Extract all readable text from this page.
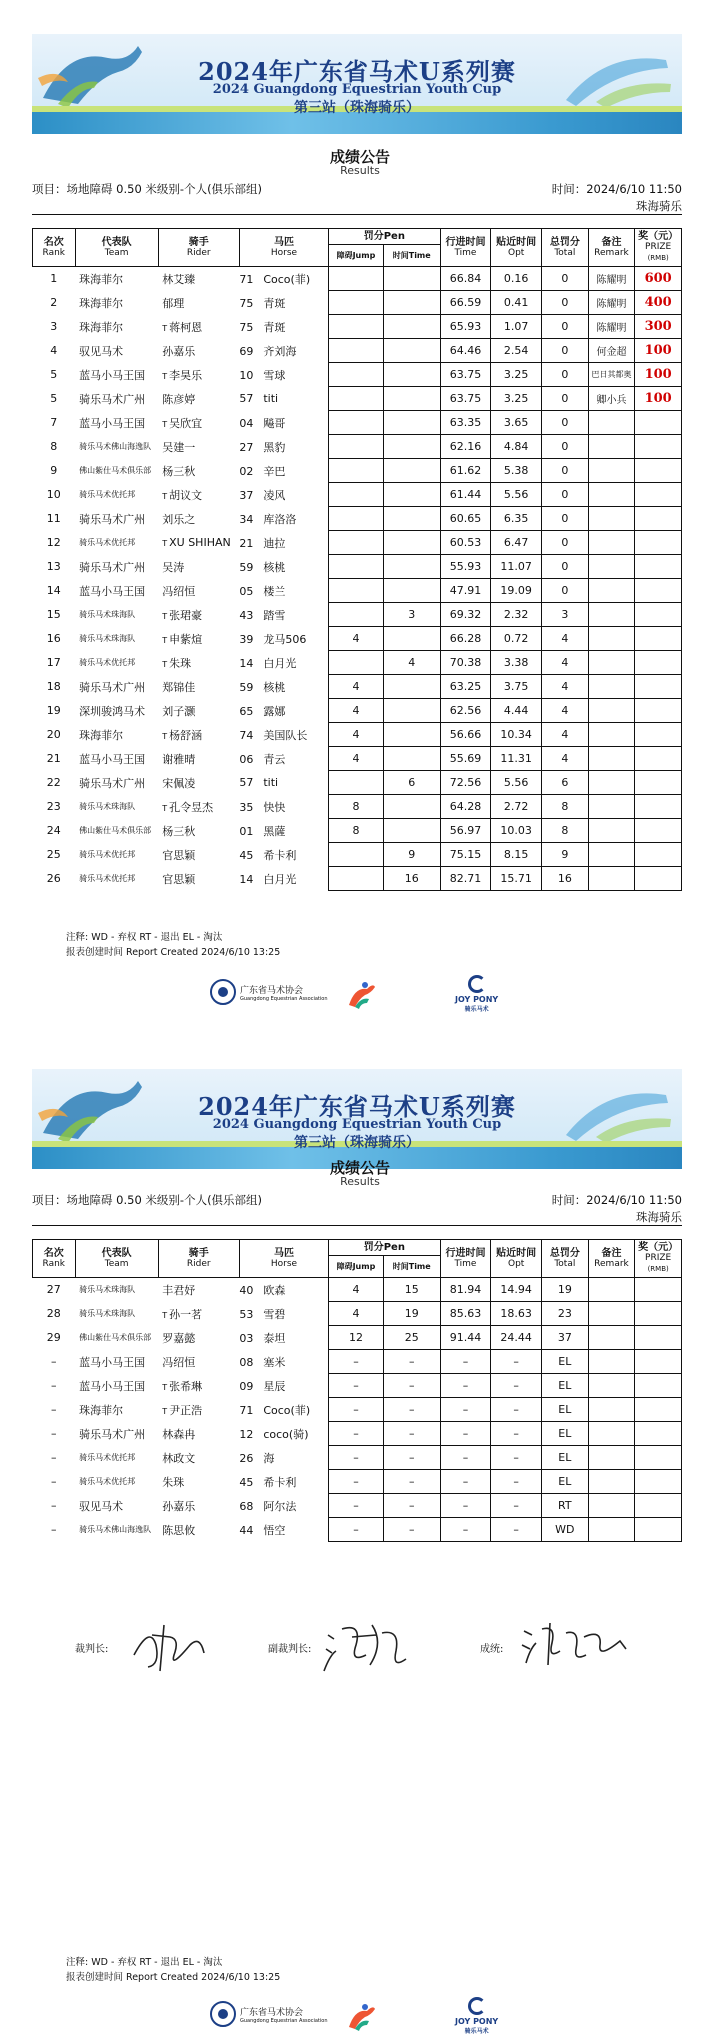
2024年广东省马术U系列赛
2024 Guangdong Equestrian Youth Cup
第三站（珠海骑乐）
成绩公告
Results
项目：场地障碍 0.50 米级别-个人(俱乐部组)	时间：2024/6/10 11:50
珠海骑乐
名次
Rank	代表队
Team	骑手
Rider	马匹
Horse	罚分Pen		行进时间
Time	贴近时间
Opt	总罚分
Total	备注
Remark	奖（元）
PRIZE
(RMB)

				障碍Jump	时间Time					
1	珠海菲尔	林艾臻	71 Coco(菲)			66.84	0.16	0	陈耀明	600
2	珠海菲尔	郁理	75 青斑			66.59	0.41	0	陈耀明	400
3	珠海菲尔	T 蒋柯恩	75 青斑			65.93	1.07	0	陈耀明	300
4	驭见马术	孙嘉乐	69 齐刘海			64.46	2.54	0	何金超	100
5	蓝马小马王国	T 李昊乐	10 雪球			63.75	3.25	0	巴日其都奥	100
5	骑乐马术广州	陈彦婷	57 titi			63.75	3.25	0	卿小兵	100
7	蓝马小马王国	T 吴欣宜	04 飚哥			63.35	3.65	0		
8	骑乐马术佛山海逸队	吴建一	27 黑豹			62.16	4.84	0		
9	佛山紫仕马术俱乐部	杨三秋	02 辛巴			61.62	5.38	0		
10	骑乐马术优托邦	T 胡议文	37 凌风			61.44	5.56	0		
11	骑乐马术广州	刘乐之	34 库洛洛			60.65	6.35	0		
12	骑乐马术优托邦	T XU SHIHAN	21 迪拉			60.53	6.47	0		
13	骑乐马术广州	吴涛	59 核桃			55.93	11.07	0		
14	蓝马小马王国	冯绍恒	05 楼兰			47.91	19.09	0		
15	骑乐马术珠海队	T 张珺豪	43 踏雪		3	69.32	2.32	3		
16	骑乐马术珠海队	T 申紫煊	39 龙马506	4		66.28	0.72	4		
17	骑乐马术优托邦	T 朱珠	14 白月光		4	70.38	3.38	4		
18	骑乐马术广州	郑锦佳	59 核桃	4		63.25	3.75	4		
19	深圳骏鸿马术	刘子灏	65 露娜	4		62.56	4.44	4		
20	珠海菲尔	T 杨舒涵	74 美国队长	4		56.66	10.34	4		
21	蓝马小马王国	谢雅晴	06 青云	4		55.69	11.31	4		
22	骑乐马术广州	宋佩凌	57 titi		6	72.56	5.56	6		
23	骑乐马术珠海队	T 孔令昱杰	35 快快	8		64.28	2.72	8		
24	佛山紫仕马术俱乐部	杨三秋	01 黑薩	8		56.97	10.03	8		
25	骑乐马术优托邦	官思颖	45 希卡利		9	75.15	8.15	9		
26	骑乐马术优托邦	官思颖	14 白月光		16	82.71	15.71	16		
注释: WD - 弃权 RT - 退出 EL - 淘汰
报表创建时间 Report Created 2024/6/10 13:25
广东省马术协会
Guangdong Equestrian Association	JOY PONY
骑乐马术
2024年广东省马术U系列赛
2024 Guangdong Equestrian Youth Cup
第三站（珠海骑乐）
成绩公告
Results
项目：场地障碍 0.50 米级别-个人(俱乐部组)	时间：2024/6/10 11:50
珠海骑乐
名次
Rank	代表队
Team	骑手
Rider	马匹
Horse	罚分Pen		行进时间
Time	贴近时间
Opt	总罚分
Total	备注
Remark	奖（元）
PRIZE
(RMB)

				障碍Jump	时间Time					
27	骑乐马术珠海队	丰君妤	40 欧森	4	15	81.94	14.94	19		
28	骑乐马术珠海队	T 孙一茗	53 雪碧	4	19	85.63	18.63	23		
29	佛山紫仕马术俱乐部	罗嘉懿	03 泰坦	12	25	91.44	24.44	37		
–	蓝马小马王国	冯绍恒	08 塞米	–	–	–	–	EL		
–	蓝马小马王国	T 张希琳	09 星辰	–	–	–	–	EL		
–	珠海菲尔	T 尹正浩	71 Coco(菲)	–	–	–	–	EL		
–	骑乐马术广州	林森冉	12 coco(骑)	–	–	–	–	EL		
–	骑乐马术优托邦	林政文	26 海	–	–	–	–	EL		
–	骑乐马术优托邦	朱珠	45 希卡利	–	–	–	–	EL		
–	驭见马术	孙嘉乐	68 阿尔法	–	–	–	–	RT		
–	骑乐马术佛山海逸队	陈思攸	44 悟空	–	–	–	–	WD		
裁判长:	副裁判长:	成统:
注释: WD - 弃权 RT - 退出 EL - 淘汰
报表创建时间 Report Created 2024/6/10 13:25
广东省马术协会
Guangdong Equestrian Association	JOY PONY
骑乐马术
